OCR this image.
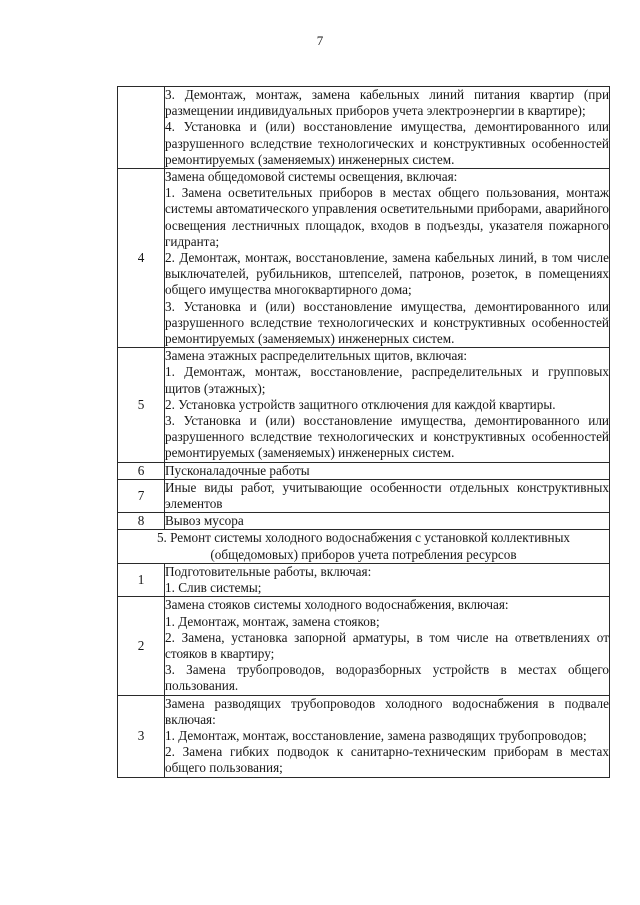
7

	3. Демонтаж, монтаж, замена кабельных линий питания квартир (при размещении индивидуальных приборов учета электроэнергии в квартире);
4. Установка и (или) восстановление имущества, демонтированного или разрушенного вследствие технологических и конструктивных особенностей ремонтируемых (заменяемых) инженерных систем.

4	Замена общедомовой системы освещения, включая:
1. Замена осветительных приборов в местах общего пользования, монтаж системы автоматического управления осветительными приборами, аварийного освещения лестничных площадок, входов в подъезды, указателя пожарного гидранта;
2. Демонтаж, монтаж, восстановление, замена кабельных линий, в том числе выключателей, рубильников, штепселей, патронов, розеток, в помещениях общего имущества многоквартирного дома;
3. Установка и (или) восстановление имущества, демонтированного или разрушенного вследствие технологических и конструктивных особенностей ремонтируемых (заменяемых) инженерных систем.

5	Замена этажных распределительных щитов, включая:
1. Демонтаж, монтаж, восстановление, распределительных и групповых щитов (этажных);
2. Установка устройств защитного отключения для каждой квартиры.
3. Установка и (или) восстановление имущества, демонтированного или разрушенного вследствие технологических и конструктивных особенностей ремонтируемых (заменяемых) инженерных систем.

6	Пусконаладочные работы

7	Иные виды работ, учитывающие особенности отдельных конструктивных элементов

8	Вывоз мусора

5. Ремонт системы холодного водоснабжения с установкой коллективных (общедомовых) приборов учета потребления ресурсов	
1	Подготовительные работы, включая:
1. Слив системы;

2	Замена стояков системы холодного водоснабжения, включая:
1. Демонтаж, монтаж, замена стояков;
2. Замена, установка запорной арматуры, в том числе на ответвлениях от стояков в квартиру;
3. Замена трубопроводов, водоразборных устройств в местах общего пользования.

3	Замена разводящих трубопроводов холодного водоснабжения в подвале включая:
1. Демонтаж, монтаж, восстановление, замена разводящих трубопроводов;
2. Замена гибких подводок к санитарно-техническим приборам в местах общего пользования;
